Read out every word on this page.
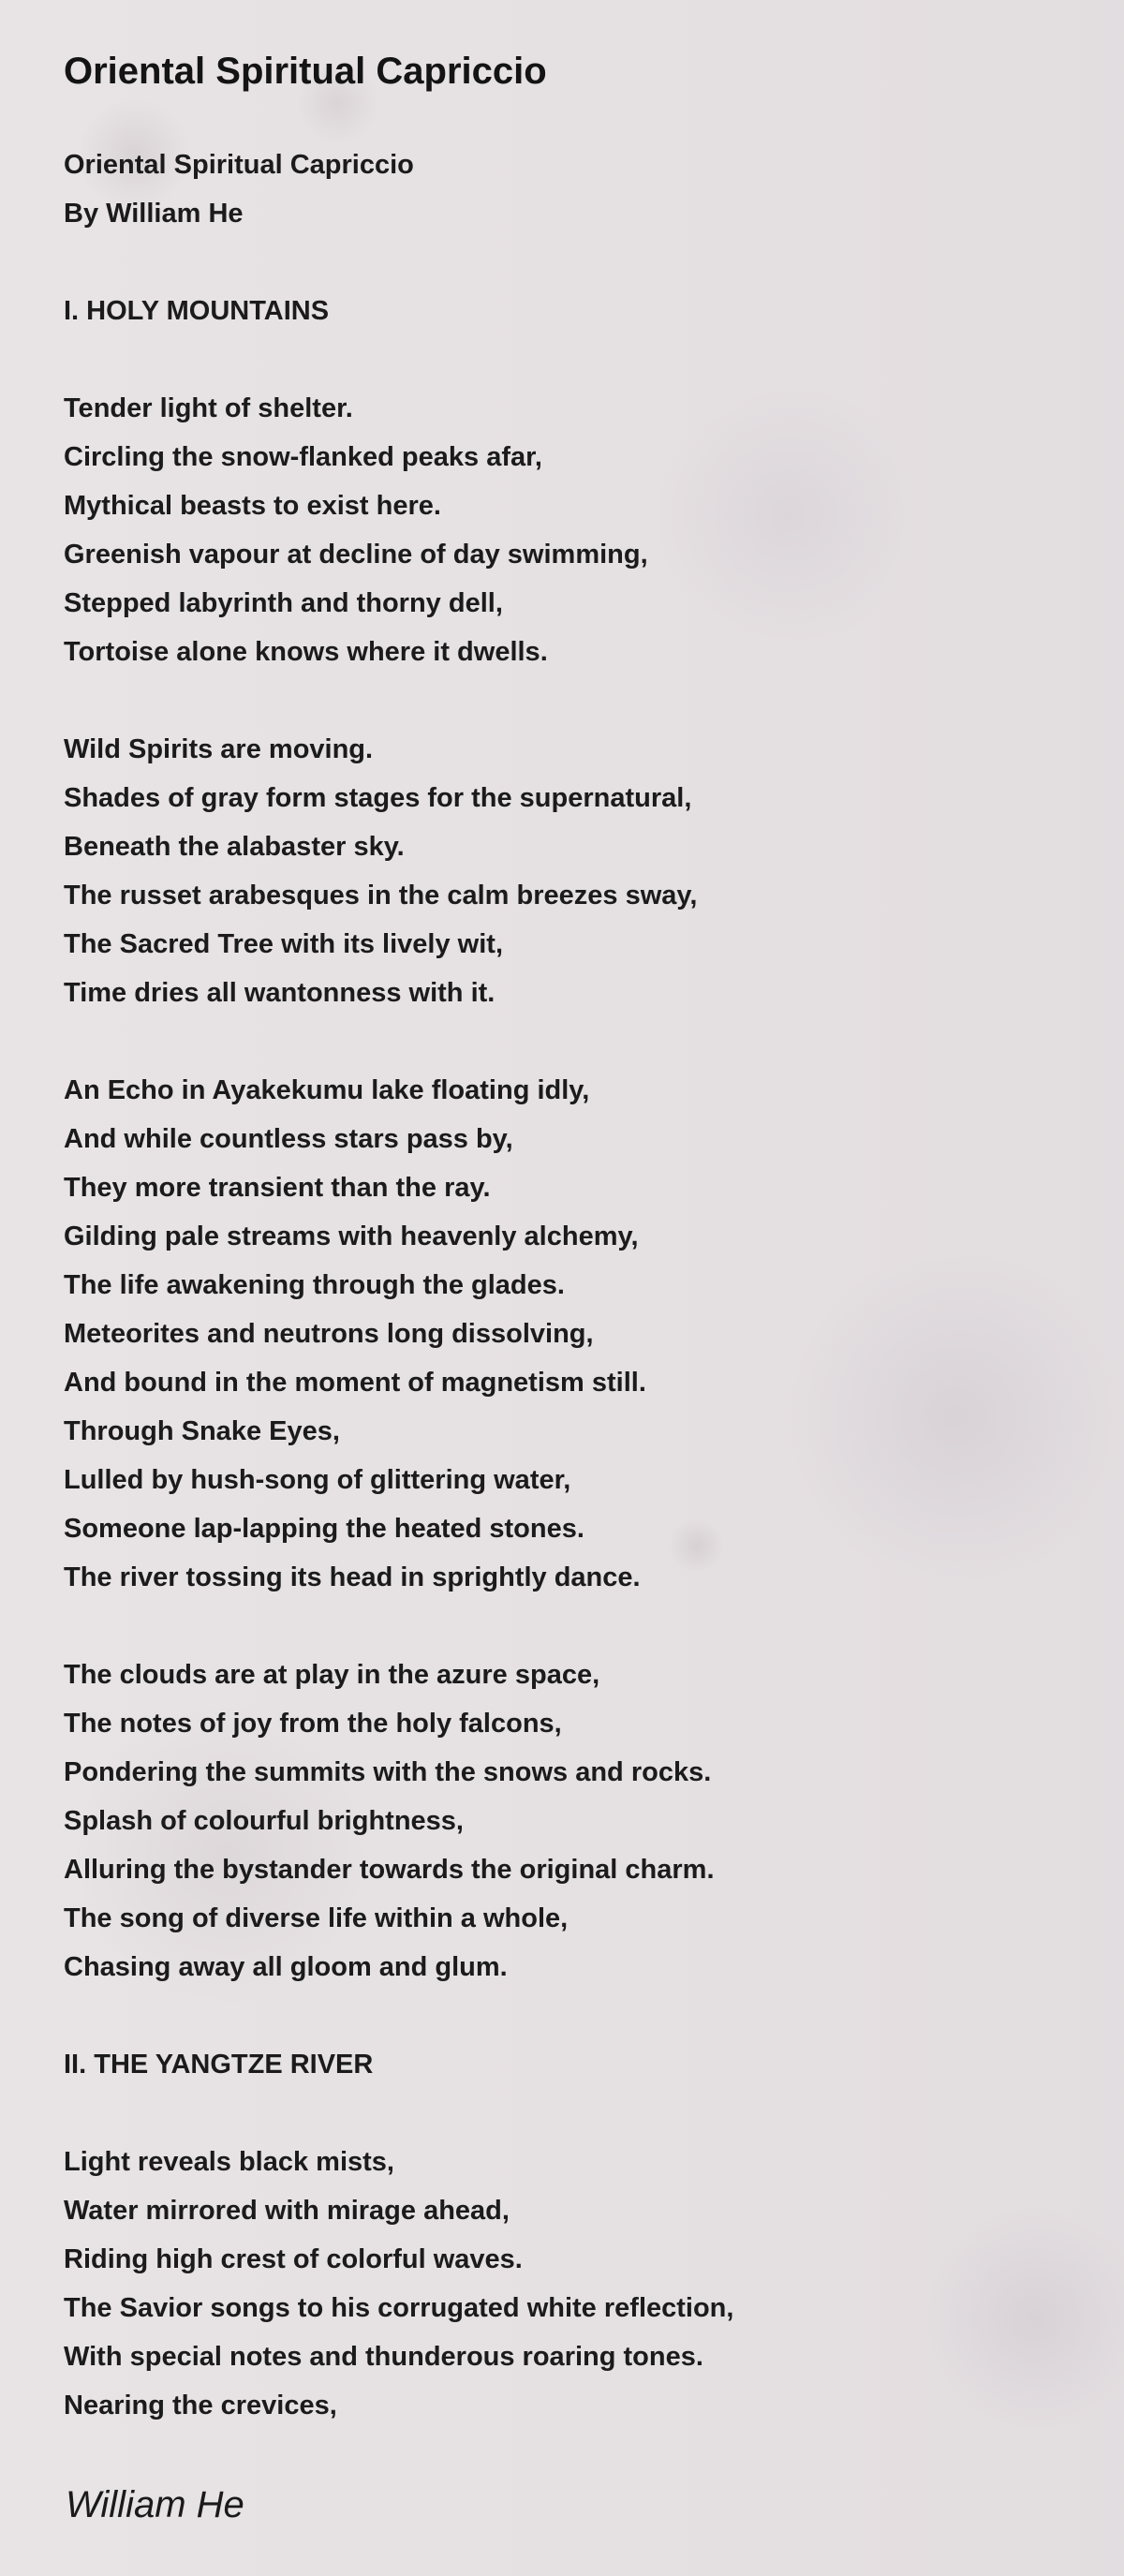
Oriental Spiritual Capriccio
Oriental Spiritual Capriccio
By William He
I. HOLY MOUNTAINS
Tender light of shelter.
Circling the snow-flanked peaks afar,
Mythical beasts to exist here.
Greenish vapour at decline of day swimming,
Stepped labyrinth and thorny dell,
Tortoise alone knows where it dwells.
Wild Spirits are moving.
Shades of gray form stages for the supernatural,
Beneath the alabaster sky.
The russet arabesques in the calm breezes sway,
The Sacred Tree with its lively wit,
Time dries all wantonness with it.
An Echo in Ayakekumu lake floating idly,
And while countless stars pass by,
They more transient than the ray.
Gilding pale streams with heavenly alchemy,
The life awakening through the glades.
Meteorites and neutrons long dissolving,
And bound in the moment of magnetism still.
Through Snake Eyes,
Lulled by hush-song of glittering water,
Someone lap-lapping the heated stones.
The river tossing its head in sprightly dance.
The clouds are at play in the azure space,
The notes of joy from the holy falcons,
Pondering the summits with the snows and rocks.
Splash of colourful brightness,
Alluring the bystander towards the original charm.
The song of diverse life within a whole,
Chasing away all gloom and glum.
II. THE YANGTZE RIVER
Light reveals black mists,
Water mirrored with mirage ahead,
Riding high crest of colorful waves.
The Savior songs to his corrugated white reflection,
With special notes and thunderous roaring tones.
Nearing the crevices,
William He
